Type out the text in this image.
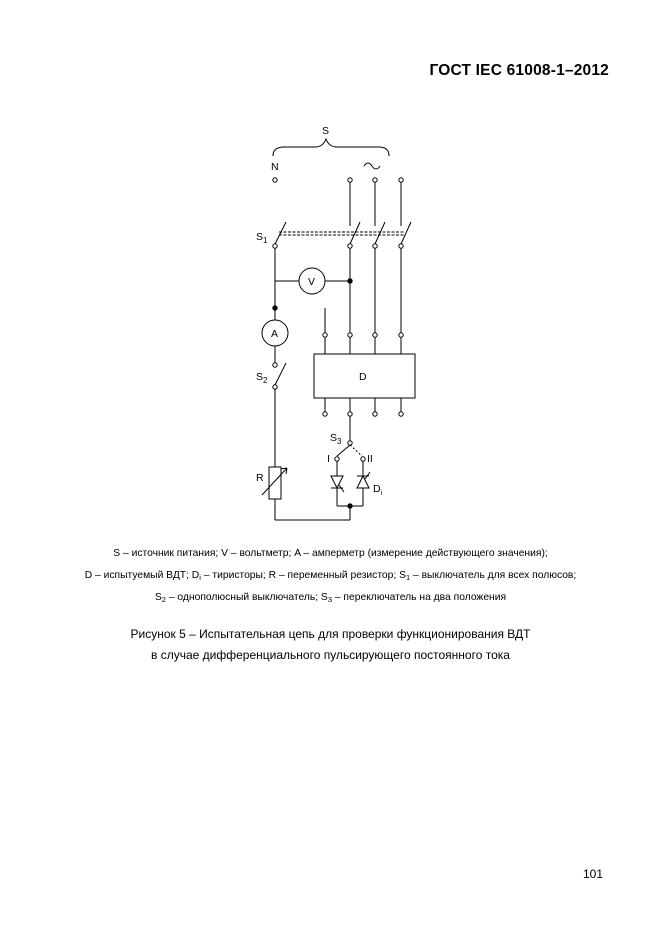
ГОСТ IEC 61008-1–2012
S
N
$S_1$
V
A
$S_2$	D
$S_3$
I	II
R
$D_i$
S – источник питания; V – вольтметр; A – амперметр (измерение действующего значения);
D – испытуемый ВДТ; $D_i$ – тиристоры; R – переменный резистор; $S_1$ – выключатель для всех полюсов;
$S_2$ – однополюсный выключатель; $S_3$ – переключатель на два положения
Рисунок 5 – Испытательная цепь для проверки функционирования ВДТ
в случае дифференциального пульсирующего постоянного тока
101
